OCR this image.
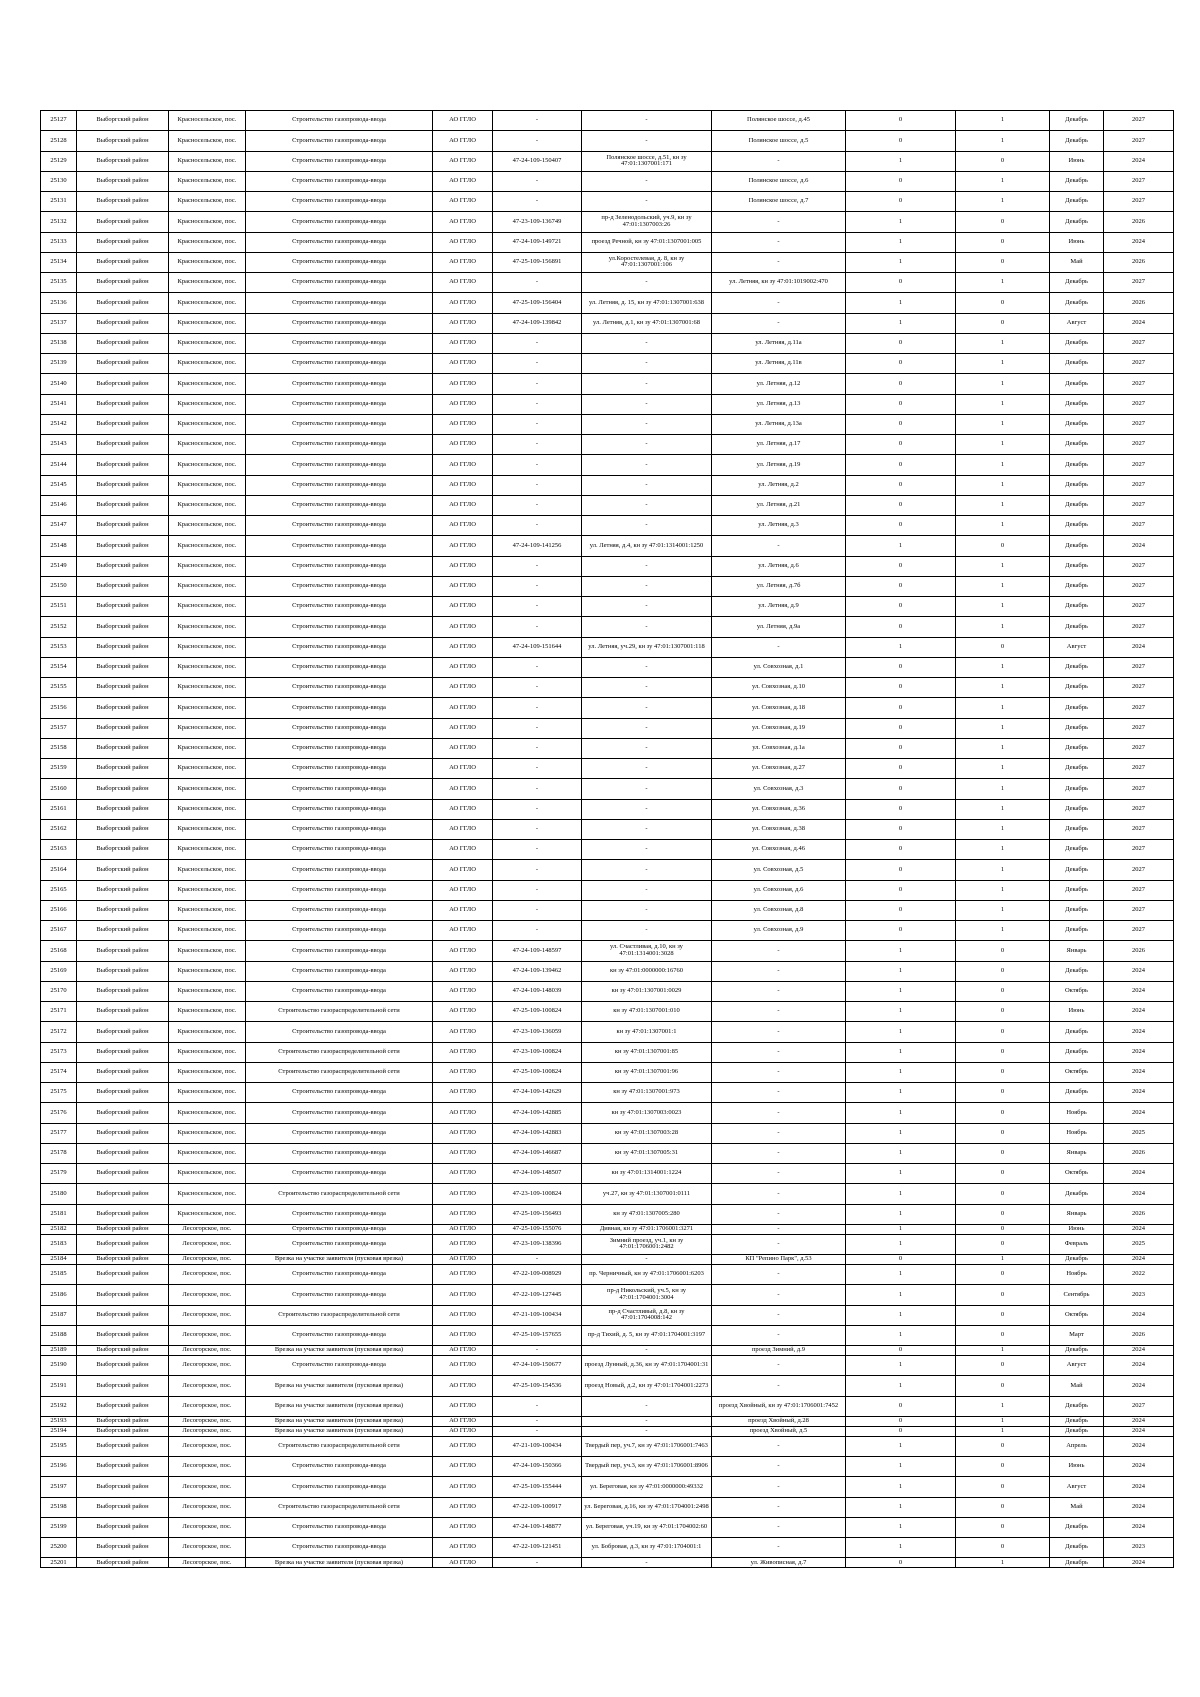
25127	Выборгский район	Красносельское, пос.	Строительство газопровода-ввода	АО ГГЛО	-	-	Полянское шоссе, д.45	0	1	Декабрь	2027
25128	Выборгский район	Красносельское, пос.	Строительство газопровода-ввода	АО ГГЛО	-	-	Полянское шоссе, д.5	0	1	Декабрь	2027
25129	Выборгский район	Красносельское, пос.	Строительство газопровода-ввода	АО ГГЛО	47-24-109-150407	Полянское шоссе, д.51, кн зу 47:01:1307001:171	-	1	0	Июнь	2024
25130	Выборгский район	Красносельское, пос.	Строительство газопровода-ввода	АО ГГЛО	-	-	Полянское шоссе, д.6	0	1	Декабрь	2027
25131	Выборгский район	Красносельское, пос.	Строительство газопровода-ввода	АО ГГЛО	-	-	Полянское шоссе, д.7	0	1	Декабрь	2027
25132	Выборгский район	Красносельское, пос.	Строительство газопровода-ввода	АО ГГЛО	47-23-109-136749	пр-д Зеленодольский, уч.9, кн зу 47:01:1307003:26	-	1	0	Декабрь	2026
25133	Выборгский район	Красносельское, пос.	Строительство газопровода-ввода	АО ГГЛО	47-24-109-149721	проезд Речной, кн зу 47:01:1307001:005	-	1	0	Июнь	2024
25134	Выборгский район	Красносельское, пос.	Строительство газопровода-ввода	АО ГГЛО	47-25-109-156891	ул.Коростелевая, д. 8, кн зу 47:01:1307001:106	-	1	0	Май	2026
25135	Выборгский район	Красносельское, пос.	Строительство газопровода-ввода	АО ГГЛО	-	-	ул. Летняя, кн зу 47:01:1019002:470	0	1	Декабрь	2027
25136	Выборгский район	Красносельское, пос.	Строительство газопровода-ввода	АО ГГЛО	47-25-109-156404	ул. Летняя, д. 15, кн зу 47:01:1307001:638	-	1	0	Декабрь	2026
25137	Выборгский район	Красносельское, пос.	Строительство газопровода-ввода	АО ГГЛО	47-24-109-139842	ул. Летняя, д.1, кн зу 47:01:1307001:68	-	1	0	Август	2024
25138	Выборгский район	Красносельское, пос.	Строительство газопровода-ввода	АО ГГЛО	-	-	ул. Летняя, д.11а	0	1	Декабрь	2027
25139	Выборгский район	Красносельское, пос.	Строительство газопровода-ввода	АО ГГЛО	-	-	ул. Летняя, д.11в	0	1	Декабрь	2027
25140	Выборгский район	Красносельское, пос.	Строительство газопровода-ввода	АО ГГЛО	-	-	ул. Летняя, д.12	0	1	Декабрь	2027
25141	Выборгский район	Красносельское, пос.	Строительство газопровода-ввода	АО ГГЛО	-	-	ул. Летняя, д.13	0	1	Декабрь	2027
25142	Выборгский район	Красносельское, пос.	Строительство газопровода-ввода	АО ГГЛО	-	-	ул. Летняя, д.13а	0	1	Декабрь	2027
25143	Выборгский район	Красносельское, пос.	Строительство газопровода-ввода	АО ГГЛО	-	-	ул. Летняя, д.17	0	1	Декабрь	2027
25144	Выборгский район	Красносельское, пос.	Строительство газопровода-ввода	АО ГГЛО	-	-	ул. Летняя, д.19	0	1	Декабрь	2027
25145	Выборгский район	Красносельское, пос.	Строительство газопровода-ввода	АО ГГЛО	-	-	ул. Летняя, д.2	0	1	Декабрь	2027
25146	Выборгский район	Красносельское, пос.	Строительство газопровода-ввода	АО ГГЛО	-	-	ул. Летняя, д.21	0	1	Декабрь	2027
25147	Выборгский район	Красносельское, пос.	Строительство газопровода-ввода	АО ГГЛО	-	-	ул. Летняя, д.3	0	1	Декабрь	2027
25148	Выборгский район	Красносельское, пос.	Строительство газопровода-ввода	АО ГГЛО	47-24-109-141256	ул. Летняя, д.4, кн зу 47:01:1314001:1250	-	1	0	Декабрь	2024
25149	Выборгский район	Красносельское, пос.	Строительство газопровода-ввода	АО ГГЛО	-	-	ул. Летняя, д.6	0	1	Декабрь	2027
25150	Выборгский район	Красносельское, пос.	Строительство газопровода-ввода	АО ГГЛО	-	-	ул. Летняя, д.7б	0	1	Декабрь	2027
25151	Выборгский район	Красносельское, пос.	Строительство газопровода-ввода	АО ГГЛО	-	-	ул. Летняя, д.9	0	1	Декабрь	2027
25152	Выборгский район	Красносельское, пос.	Строительство газопровода-ввода	АО ГГЛО	-	-	ул. Летняя, д.9а	0	1	Декабрь	2027
25153	Выборгский район	Красносельское, пос.	Строительство газопровода-ввода	АО ГГЛО	47-24-109-151644	ул. Летняя, уч.29, кн зу 47:01:1307001:118	-	1	0	Август	2024
25154	Выборгский район	Красносельское, пос.	Строительство газопровода-ввода	АО ГГЛО	-	-	ул. Совхозная, д.1	0	1	Декабрь	2027
25155	Выборгский район	Красносельское, пос.	Строительство газопровода-ввода	АО ГГЛО	-	-	ул. Совхозная, д.10	0	1	Декабрь	2027
25156	Выборгский район	Красносельское, пос.	Строительство газопровода-ввода	АО ГГЛО	-	-	ул. Совхозная, д.18	0	1	Декабрь	2027
25157	Выборгский район	Красносельское, пос.	Строительство газопровода-ввода	АО ГГЛО	-	-	ул. Совхозная, д.19	0	1	Декабрь	2027
25158	Выборгский район	Красносельское, пос.	Строительство газопровода-ввода	АО ГГЛО	-	-	ул. Совхозная, д.1а	0	1	Декабрь	2027
25159	Выборгский район	Красносельское, пос.	Строительство газопровода-ввода	АО ГГЛО	-	-	ул. Совхозная, д.27	0	1	Декабрь	2027
25160	Выборгский район	Красносельское, пос.	Строительство газопровода-ввода	АО ГГЛО	-	-	ул. Совхозная, д.3	0	1	Декабрь	2027
25161	Выборгский район	Красносельское, пос.	Строительство газопровода-ввода	АО ГГЛО	-	-	ул. Совхозная, д.36	0	1	Декабрь	2027
25162	Выборгский район	Красносельское, пос.	Строительство газопровода-ввода	АО ГГЛО	-	-	ул. Совхозная, д.38	0	1	Декабрь	2027
25163	Выборгский район	Красносельское, пос.	Строительство газопровода-ввода	АО ГГЛО	-	-	ул. Совхозная, д.46	0	1	Декабрь	2027
25164	Выборгский район	Красносельское, пос.	Строительство газопровода-ввода	АО ГГЛО	-	-	ул. Совхозная, д.5	0	1	Декабрь	2027
25165	Выборгский район	Красносельское, пос.	Строительство газопровода-ввода	АО ГГЛО	-	-	ул. Совхозная, д.6	0	1	Декабрь	2027
25166	Выборгский район	Красносельское, пос.	Строительство газопровода-ввода	АО ГГЛО	-	-	ул. Совхозная, д.8	0	1	Декабрь	2027
25167	Выборгский район	Красносельское, пос.	Строительство газопровода-ввода	АО ГГЛО	-	-	ул. Совхозная, д.9	0	1	Декабрь	2027
25168	Выборгский район	Красносельское, пос.	Строительство газопровода-ввода	АО ГГЛО	47-24-109-148597	ул. Счастливая, д.10, кн зу 47:01:1314001:3028	-	1	0	Январь	2026
25169	Выборгский район	Красносельское, пос.	Строительство газопровода-ввода	АО ГГЛО	47-24-109-139462	кн зу 47:01:0000000:16760	-	1	0	Декабрь	2024
25170	Выборгский район	Красносельское, пос.	Строительство газопровода-ввода	АО ГГЛО	47-24-109-148039	кн зу 47:01:1307001:0029	-	1	0	Октябрь	2024
25171	Выборгский район	Красносельское, пос.	Строительство газораспределительной сети	АО ГГЛО	47-25-109-100824	кн зу 47:01:1307001:010	-	1	0	Июнь	2024
25172	Выборгский район	Красносельское, пос.	Строительство газопровода-ввода	АО ГГЛО	47-23-109-136059	кн зу 47:01:1307001:1	-	1	0	Декабрь	2024
25173	Выборгский район	Красносельское, пос.	Строительство газораспределительной сети	АО ГГЛО	47-23-109-100824	кн зу 47:01:1307001:85	-	1	0	Декабрь	2024
25174	Выборгский район	Красносельское, пос.	Строительство газораспределительной сети	АО ГГЛО	47-25-109-100824	кн зу 47:01:1307001:96	-	1	0	Октябрь	2024
25175	Выборгский район	Красносельское, пос.	Строительство газопровода-ввода	АО ГГЛО	47-24-109-142629	кн зу 47:01:1307001:973	-	1	0	Декабрь	2024
25176	Выборгский район	Красносельское, пос.	Строительство газопровода-ввода	АО ГГЛО	47-24-109-142885	кн зу 47:01:1307003:0023	-	1	0	Ноябрь	2024
25177	Выборгский район	Красносельское, пос.	Строительство газопровода-ввода	АО ГГЛО	47-24-109-142883	кн зу 47:01:1307003:28	-	1	0	Ноябрь	2025
25178	Выборгский район	Красносельское, пос.	Строительство газопровода-ввода	АО ГГЛО	47-24-109-146687	кн зу 47:01:1307005:31	-	1	0	Январь	2026
25179	Выборгский район	Красносельское, пос.	Строительство газопровода-ввода	АО ГГЛО	47-24-109-148507	кн зу 47:01:1314001:1224	-	1	0	Октябрь	2024
25180	Выборгский район	Красносельское, пос.	Строительство газораспределительной сети	АО ГГЛО	47-23-109-100824	уч.27, кн зу 47:01:1307001:0111	-	1	0	Декабрь	2024
25181	Выборгский район	Красносельское, пос.	Строительство газопровода-ввода	АО ГГЛО	47-25-109-156493	кн зу 47:01:1307005:280	-	1	0	Январь	2026
25182	Выборгский район	Лесогорское, пос.	Строительство газопровода-ввода	АО ГГЛО	47-25-109-155076	Дивная, кн зу 47:01:1706001:3271	-	1	0	Июнь	2024
25183	Выборгский район	Лесогорское, пос.	Строительство газопровода-ввода	АО ГГЛО	47-23-109-138396	Зимний проезд, уч.1, кн зу 47:01:1706001:2482	-	1	0	Февраль	2025
25184	Выборгский район	Лесогорское, пос.	Врезка на участке заявителя (пусковая врезка)	АО ГГЛО	-	-	КП "Репино Парк", д.53	0	1	Декабрь	2024
25185	Выборгский район	Лесогорское, пос.	Строительство газопровода-ввода	АО ГГЛО	47-22-109-008929	пр. Черничный, кн зу 47:01:1706001:6203	-	1	0	Ноябрь	2022
25186	Выборгский район	Лесогорское, пос.	Строительство газопровода-ввода	АО ГГЛО	47-22-109-127445	пр-д Никольский, уч.5, кн зу 47:01:1704001:3004	-	1	0	Сентябрь	2023
25187	Выборгский район	Лесогорское, пос.	Строительство газораспределительной сети	АО ГГЛО	47-21-109-100434	пр-д Счастливый, д.8, кн зу 47:01:1704008:142	-	1	0	Октябрь	2024
25188	Выборгский район	Лесогорское, пос.	Строительство газопровода-ввода	АО ГГЛО	47-25-109-157655	пр-д Тихий, д. 5, кн зу 47:01:1704001:3197	-	1	0	Март	2026
25189	Выборгский район	Лесогорское, пос.	Врезка на участке заявителя (пусковая врезка)	АО ГГЛО	-	-	проезд Зимний, д.9	0	1	Декабрь	2024
25190	Выборгский район	Лесогорское, пос.	Строительство газопровода-ввода	АО ГГЛО	47-24-109-150677	проезд Лунный, д.36, кн зу 47:01:1704001:31	-	1	0	Август	2024
25191	Выборгский район	Лесогорское, пос.	Врезка на участке заявителя (пусковая врезка)	АО ГГЛО	47-25-109-154536	проезд Новый, д.2, кн зу 47:01:1704001:2273	-	1	0	Май	2024
25192	Выборгский район	Лесогорское, пос.	Врезка на участке заявителя (пусковая врезка)	АО ГГЛО	-	-	проезд Хвойный, кн зу 47:01:1706001:7452	0	1	Декабрь	2027
25193	Выборгский район	Лесогорское, пос.	Врезка на участке заявителя (пусковая врезка)	АО ГГЛО	-	-	проезд Хвойный, д.28	0	1	Декабрь	2024
25194	Выборгский район	Лесогорское, пос.	Врезка на участке заявителя (пусковая врезка)	АО ГГЛО	-	-	проезд Хвойный, д.5	0	1	Декабрь	2024
25195	Выборгский район	Лесогорское, пос.	Строительство газораспределительной сети	АО ГГЛО	47-21-109-100434	Твердый пер, уч.7, кн зу 47:01:1706001:7463	-	1	0	Апрель	2024
25196	Выборгский район	Лесогорское, пос.	Строительство газопровода-ввода	АО ГГЛО	47-24-109-150366	Твердый пер, уч.3, кн зу 47:01:1706001:8906	-	1	0	Июнь	2024
25197	Выборгский район	Лесогорское, пос.	Строительство газопровода-ввода	АО ГГЛО	47-25-109-155444	ул. Береговая, кн зу 47:01:0000000:49332	-	1	0	Август	2024
25198	Выборгский район	Лесогорское, пос.	Строительство газораспределительной сети	АО ГГЛО	47-22-109-100917	ул. Береговая, д.16, кн зу 47:01:1704001:2498	-	1	0	Май	2024
25199	Выборгский район	Лесогорское, пос.	Строительство газопровода-ввода	АО ГГЛО	47-24-109-148877	ул. Береговая, уч.19, кн зу 47:01:1704002:60	-	1	0	Декабрь	2024
25200	Выборгский район	Лесогорское, пос.	Строительство газопровода-ввода	АО ГГЛО	47-22-109-121451	ул. Бобровая, д.3, кн зу 47:01:1704001:1	-	1	0	Декабрь	2023
25201	Выборгский район	Лесогорское, пос.	Врезка на участке заявителя (пусковая врезка)	АО ГГЛО	-	-	ул. Живописная, д.7	0	1	Декабрь	2024
